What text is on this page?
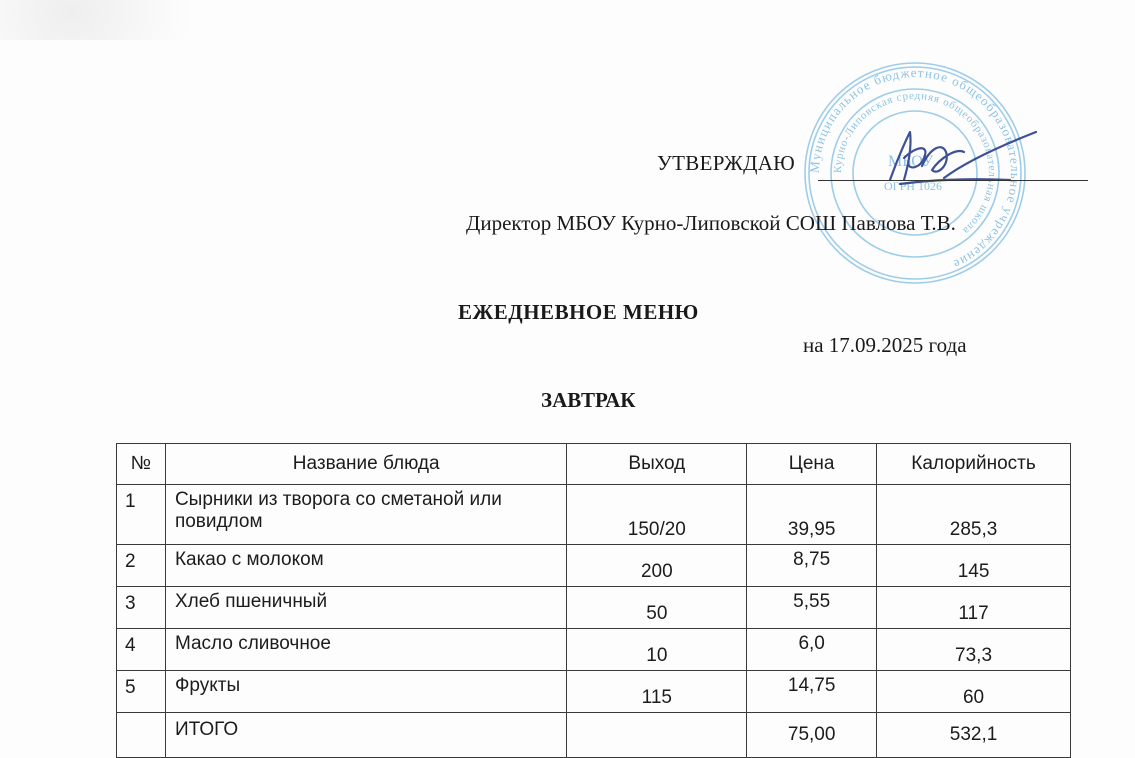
Муниципальное бюджетное общеобразовательное учреждение
Курно-Липовская средняя общеобразовательная школа
МБОУ
ОГРН 1026
УТВЕРЖДАЮ
Директор МБОУ Курно-Липовской СОШ Павлова Т.В.
ЕЖЕДНЕВНОЕ МЕНЮ
на 17.09.2025 года
ЗАВТРАК
№	Название блюда	Выход	Цена	Калорийность
1	Сырники из творога со сметаной или повидлом	150/20	39,95	285,3
2	Какао с молоком	200	8,75	145
3	Хлеб пшеничный	50	5,55	117
4	Масло сливочное	10	6,0	73,3
5	Фрукты	115	14,75	60
	ИТОГО		75,00	532,1
